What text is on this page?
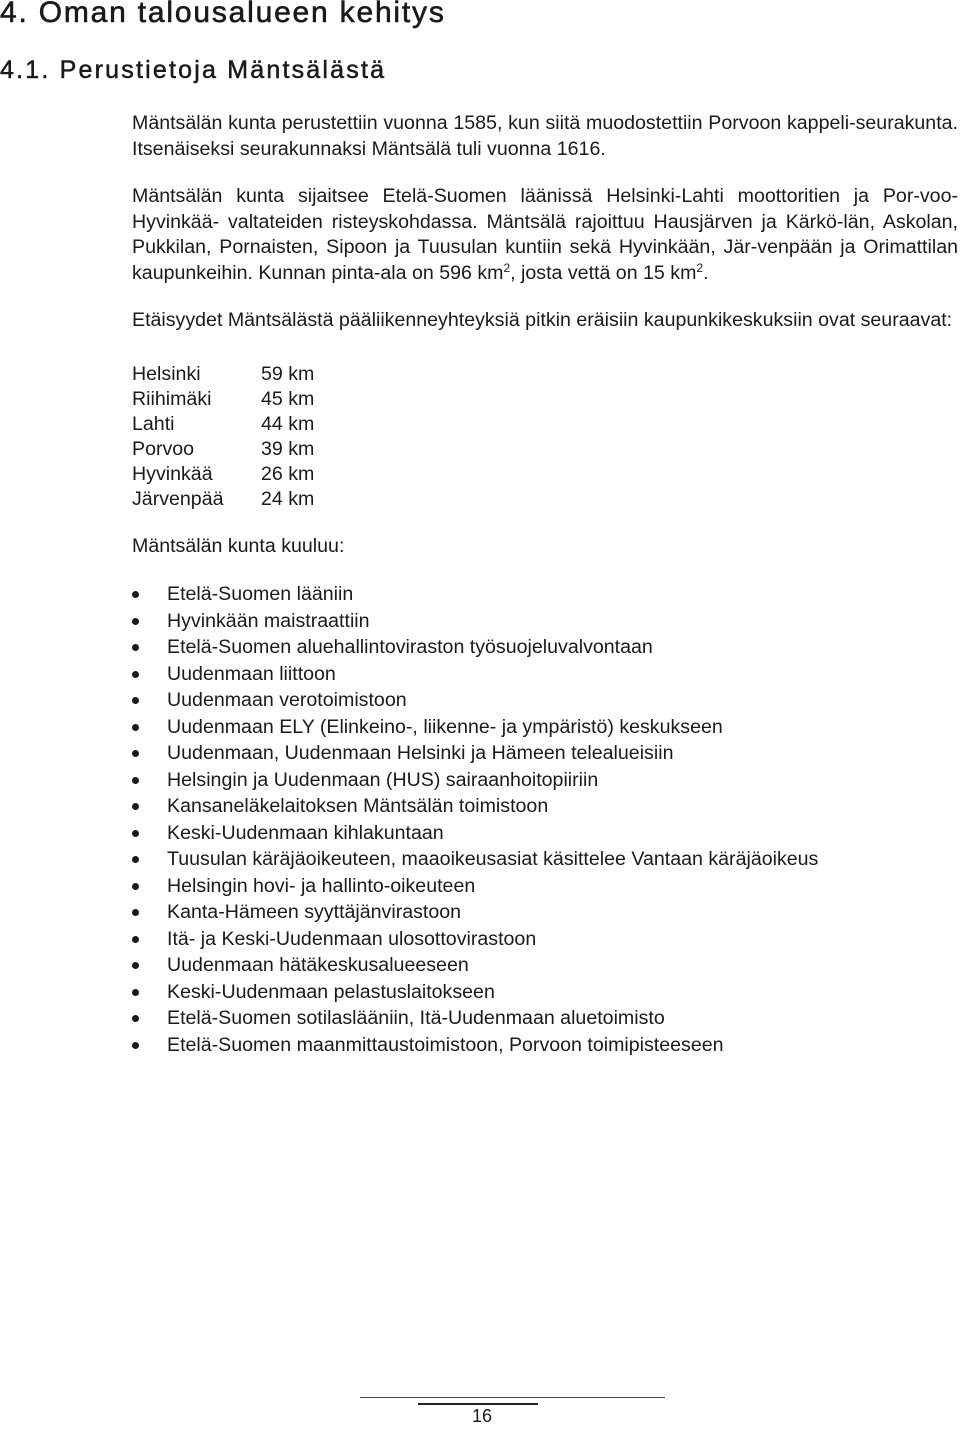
4. Oman talousalueen kehitys
4.1. Perustietoja Mäntsälästä

Mäntsälän kunta perustettiin vuonna 1585, kun siitä muodostettiin Porvoon kappeli-seurakunta. Itsenäiseksi seurakunnaksi Mäntsälä tuli vuonna 1616.

Mäntsälän kunta sijaitsee Etelä-Suomen läänissä Helsinki-Lahti moottoritien ja Por-voo-Hyvinkää- valtateiden risteyskohdassa. Mäntsälä rajoittuu Hausjärven ja Kärkö-län, Askolan, Pukkilan, Pornaisten, Sipoon ja Tuusulan kuntiin sekä Hyvinkään, Jär-venpään ja Orimattilan kaupunkeihin. Kunnan pinta-ala on 596 $km^2$, josta vettä on 15 $km^2$.

Etäisyydet Mäntsälästä pääliikenneyhteyksiä pitkin eräisiin kaupunkikeskuksiin ovat seuraavat:

Helsinki	59 km
Riihimäki	45 km
Lahti	44 km
Porvoo	39 km
Hyvinkää	26 km
Järvenpää	24 km

Mäntsälän kunta kuuluu:

Etelä-Suomen lääniin
Hyvinkään maistraattiin
Etelä-Suomen aluehallintoviraston työsuojeluvalvontaan
Uudenmaan liittoon
Uudenmaan verotoimistoon
Uudenmaan ELY (Elinkeino-, liikenne- ja ympäristö) keskukseen
Uudenmaan, Uudenmaan Helsinki ja Hämeen telealueisiin
Helsingin ja Uudenmaan (HUS) sairaanhoitopiiriin
Kansaneläkelaitoksen Mäntsälän toimistoon
Keski-Uudenmaan kihlakuntaan
Tuusulan käräjäoikeuteen, maaoikeusasiat käsittelee Vantaan käräjäoikeus
Helsingin hovi- ja hallinto-oikeuteen
Kanta-Hämeen syyttäjänvirastoon
Itä- ja Keski-Uudenmaan ulosottovirastoon
Uudenmaan hätäkeskusalueeseen
Keski-Uudenmaan pelastuslaitokseen
Etelä-Suomen sotilaslääniin, Itä-Uudenmaan aluetoimisto
Etelä-Suomen maanmittaustoimistoon, Porvoon toimipisteeseen
16
